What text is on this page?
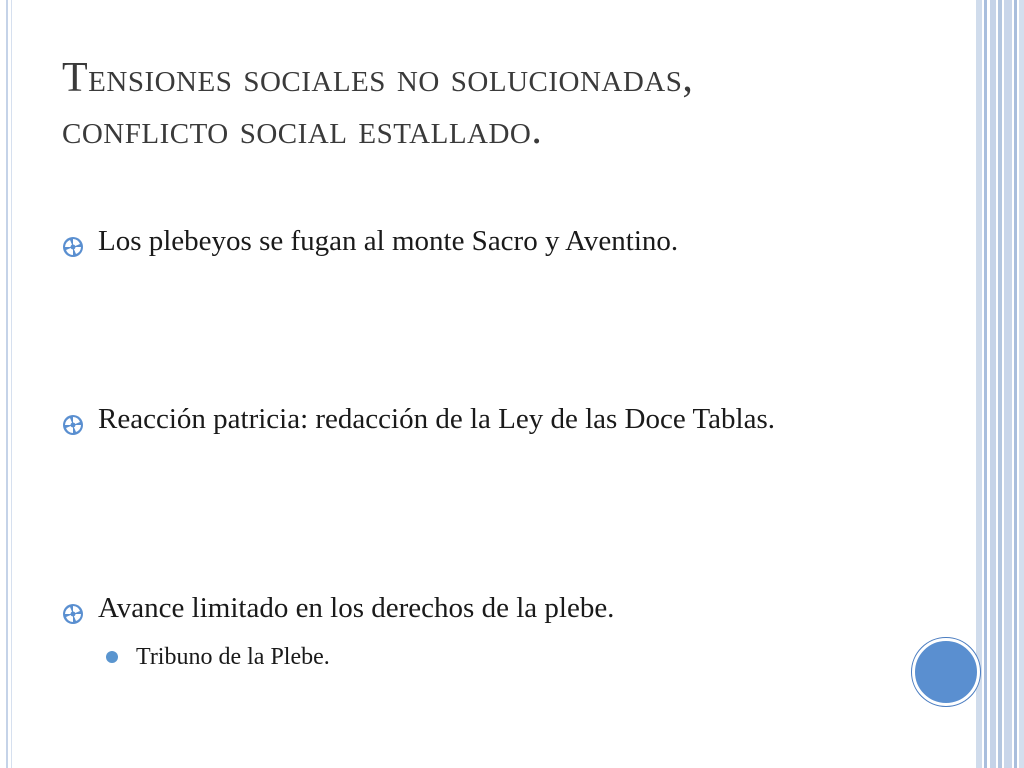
Tensiones sociales no solucionadas,
conflicto social estallado.
Los plebeyos se fugan al monte Sacro y Aventino.
Reacción patricia: redacción de la Ley de las Doce Tablas.
Avance limitado en los derechos de la plebe.
Tribuno de la Plebe.
